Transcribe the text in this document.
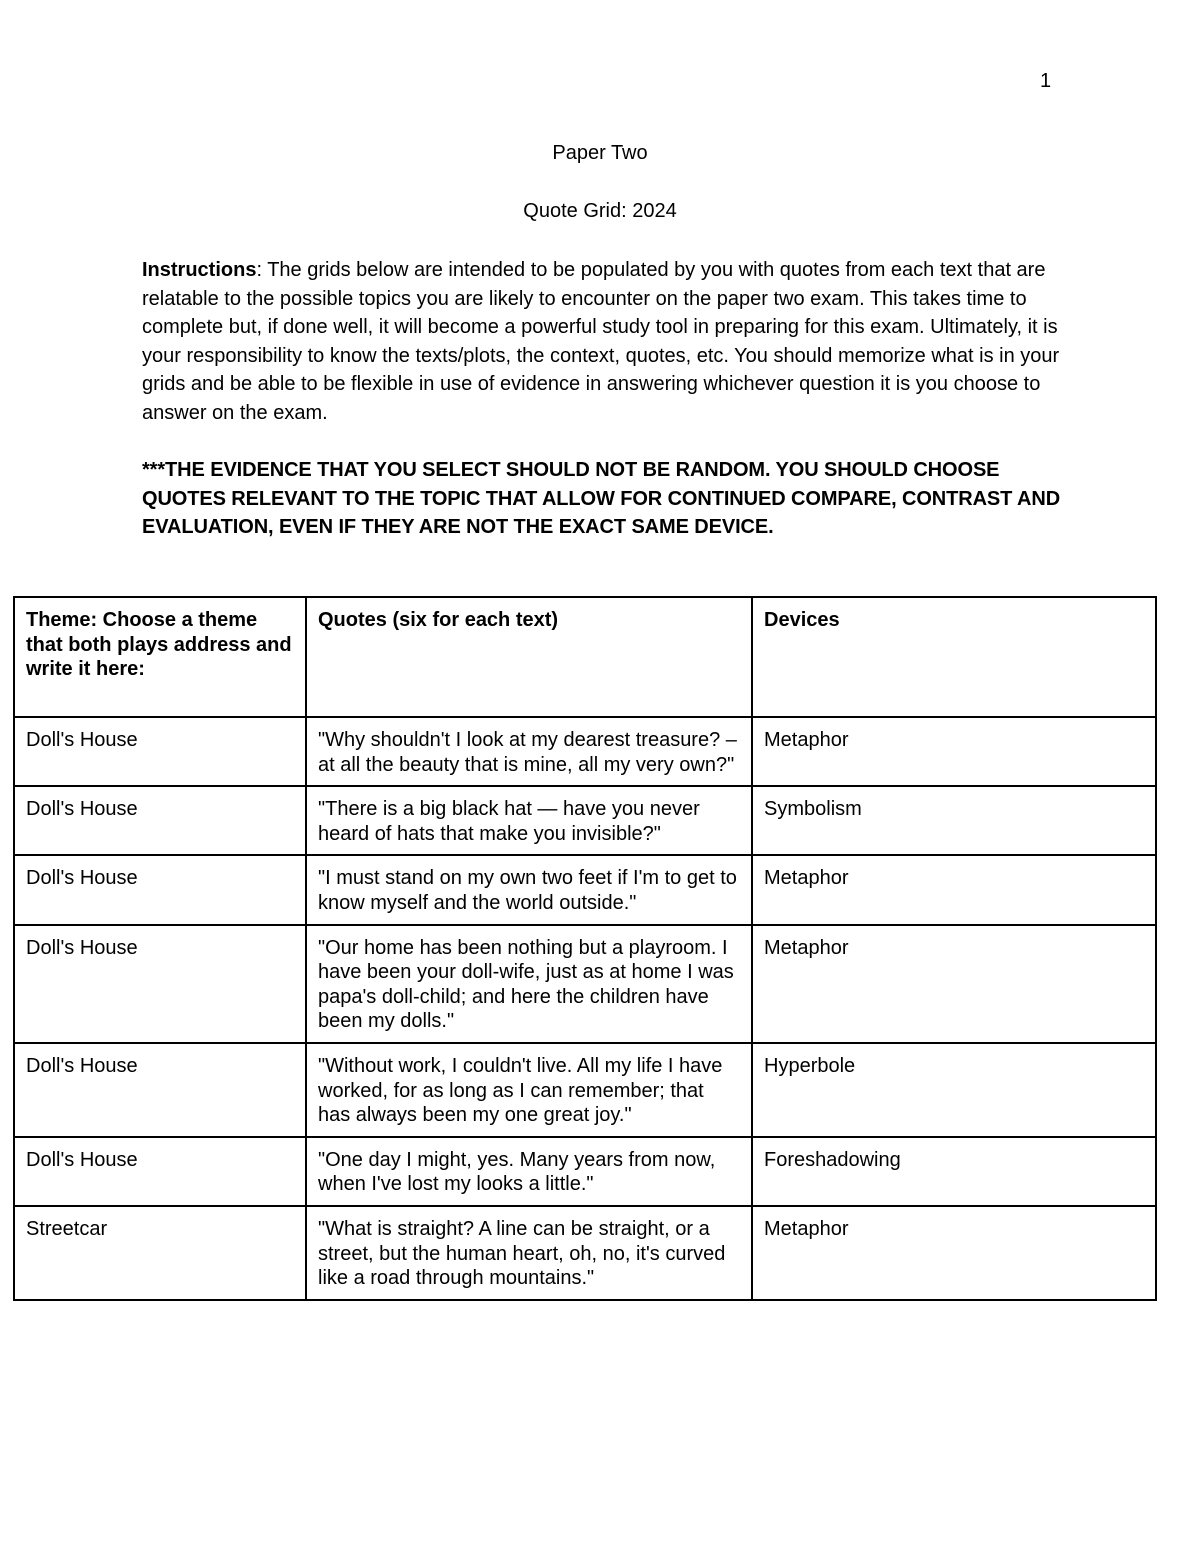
1
Paper Two
Quote Grid: 2024
Instructions: The grids below are intended to be populated by you with quotes from each text that are relatable to the possible topics you are likely to encounter on the paper two exam. This takes time to complete but, if done well, it will become a powerful study tool in preparing for this exam. Ultimately, it is your responsibility to know the texts/plots, the context, quotes, etc. You should memorize what is in your grids and be able to be flexible in use of evidence in answering whichever question it is you choose to answer on the exam.
***THE EVIDENCE THAT YOU SELECT SHOULD NOT BE RANDOM. YOU SHOULD CHOOSE QUOTES RELEVANT TO THE TOPIC THAT ALLOW FOR CONTINUED COMPARE, CONTRAST AND EVALUATION, EVEN IF THEY ARE NOT THE EXACT SAME DEVICE.
Theme: Choose a theme that both plays address and write it here:	Quotes (six for each text)	Devices
Doll's House	"Why shouldn't I look at my dearest treasure? – at all the beauty that is mine, all my very own?"	Metaphor
Doll's House	"There is a big black hat — have you never heard of hats that make you invisible?"	Symbolism
Doll's House	"I must stand on my own two feet if I'm to get to know myself and the world outside."	Metaphor
Doll's House	"Our home has been nothing but a playroom. I have been your doll-wife, just as at home I was papa's doll-child; and here the children have been my dolls."	Metaphor
Doll's House	"Without work, I couldn't live. All my life I have worked, for as long as I can remember; that has always been my one great joy."	Hyperbole
Doll's House	"One day I might, yes. Many years from now, when I've lost my looks a little."	Foreshadowing
Streetcar	"What is straight? A line can be straight, or a street, but the human heart, oh, no, it's curved like a road through mountains."	Metaphor
